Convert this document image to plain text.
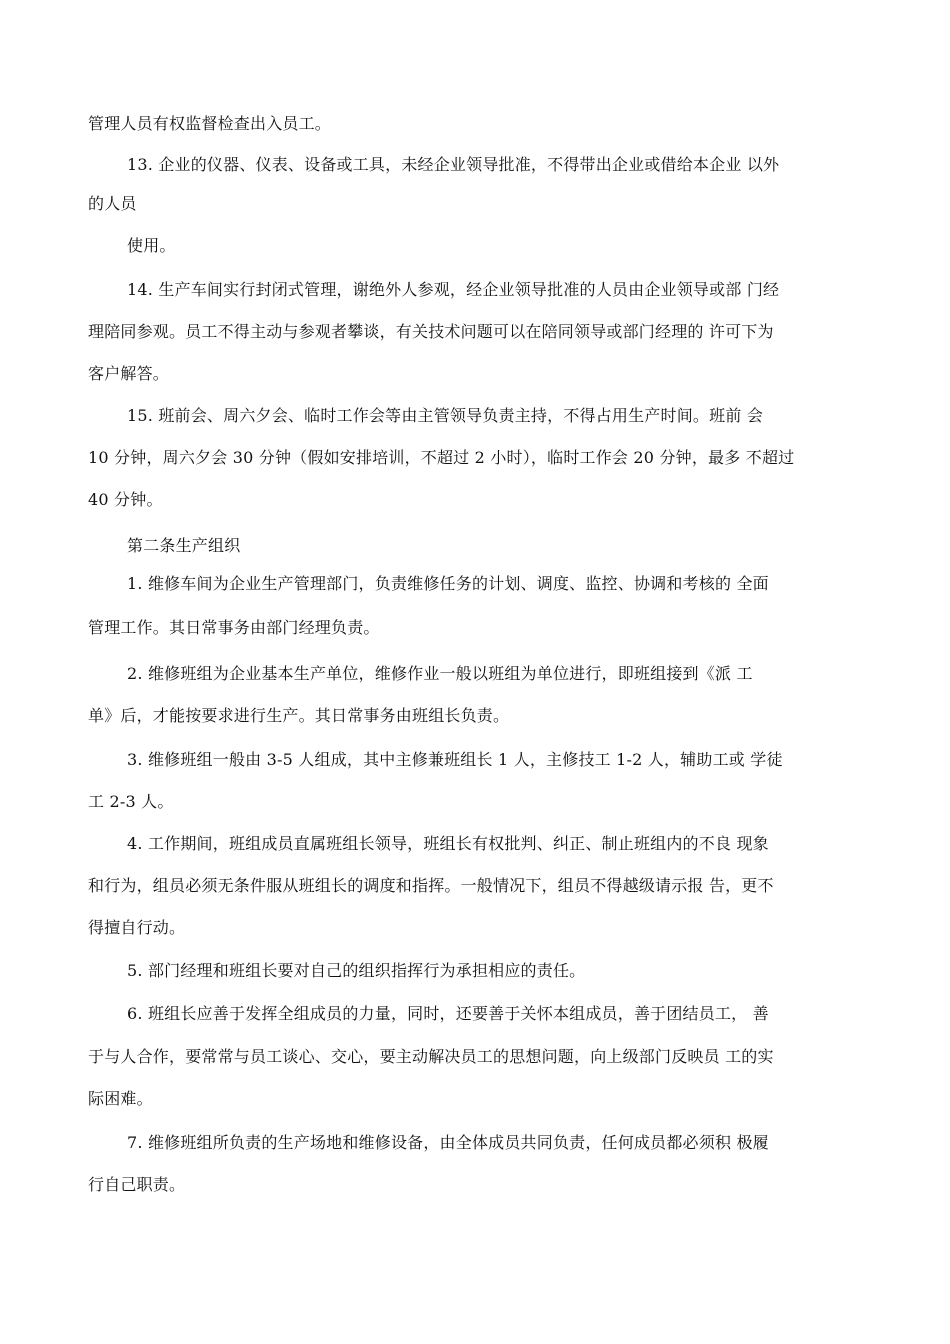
管理人员有权监督检查出入员工。
13. 企业的仪器、仪表、设备或工具，未经企业领导批准，不得带出企业或借给本企业 以外
的人员
使用。
14. 生产车间实行封闭式管理，谢绝外人参观，经企业领导批准的人员由企业领导或部 门经
理陪同参观。员工不得主动与参观者攀谈，有关技术问题可以在陪同领导或部门经理的 许可下为
客户解答。
15. 班前会、周六夕会、临时工作会等由主管领导负责主持，不得占用生产时间。班前 会
10 分钟，周六夕会 30 分钟（假如安排培训，不超过 2 小时），临时工作会 20 分钟，最多 不超过
40 分钟。
第二条生产组织
1. 维修车间为企业生产管理部门，负责维修任务的计划、调度、监控、协调和考核的 全面
管理工作。其日常事务由部门经理负责。
2. 维修班组为企业基本生产单位，维修作业一般以班组为单位进行，即班组接到《派 工
单》后，才能按要求进行生产。其日常事务由班组长负责。
3. 维修班组一般由 3-5 人组成，其中主修兼班组长 1 人，主修技工 1-2 人，辅助工或 学徒
工 2-3 人。
4. 工作期间，班组成员直属班组长领导，班组长有权批判、纠正、制止班组内的不良 现象
和行为，组员必须无条件服从班组长的调度和指挥。一般情况下，组员不得越级请示报 告，更不
得擅自行动。
5. 部门经理和班组长要对自己的组织指挥行为承担相应的责任。
6. 班组长应善于发挥全组成员的力量，同时，还要善于关怀本组成员，善于团结员工， 善
于与人合作，要常常与员工谈心、交心，要主动解决员工的思想问题，向上级部门反映员 工的实
际困难。
7. 维修班组所负责的生产场地和维修设备，由全体成员共同负责，任何成员都必须积 极履
行自己职责。
